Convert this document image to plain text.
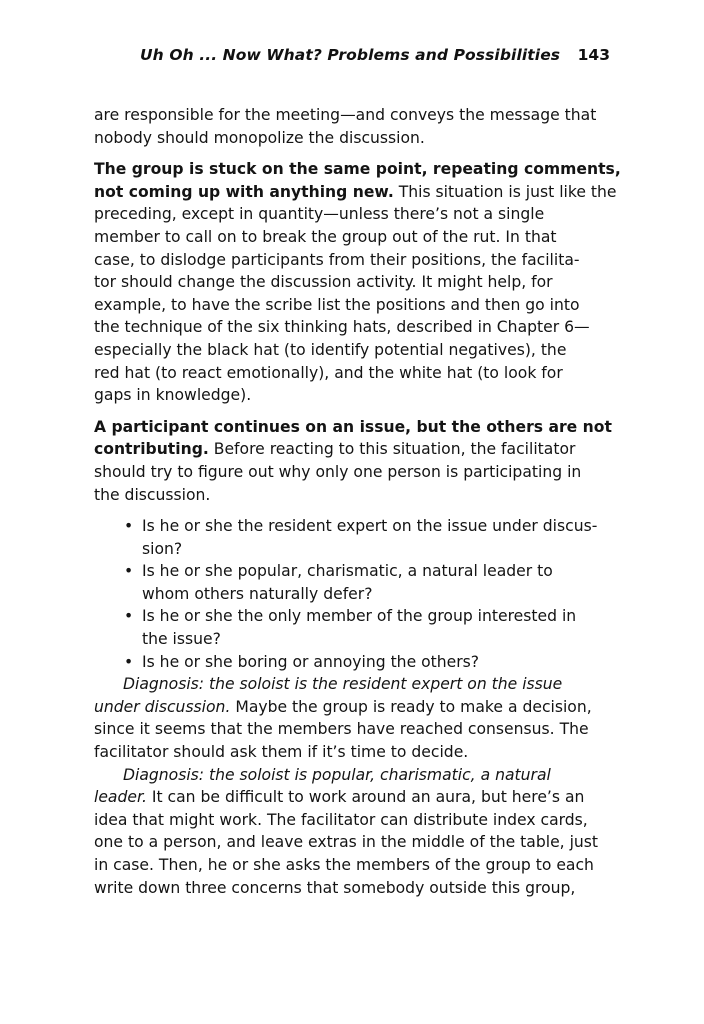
Uh Oh ... Now What? Problems and Possibilities 143

are responsible for the meeting—and conveys the message that
nobody should monopolize the discussion.

The group is stuck on the same point, repeating comments,
not coming up with anything new. This situation is just like the
preceding, except in quantity—unless there’s not a single
member to call on to break the group out of the rut. In that
case, to dislodge participants from their positions, the facilita-
tor should change the discussion activity. It might help, for
example, to have the scribe list the positions and then go into
the technique of the six thinking hats, described in Chapter 6—
especially the black hat (to identify potential negatives), the
red hat (to react emotionally), and the white hat (to look for
gaps in knowledge).

A participant continues on an issue, but the others are not
contributing. Before reacting to this situation, the facilitator
should try to figure out why only one person is participating in
the discussion.

• Is he or she the resident expert on the issue under discus-
sion?
• Is he or she popular, charismatic, a natural leader to
whom others naturally defer?
• Is he or she the only member of the group interested in
the issue?
• Is he or she boring or annoying the others?

Diagnosis: the soloist is the resident expert on the issue
under discussion. Maybe the group is ready to make a decision,
since it seems that the members have reached consensus. The
facilitator should ask them if it’s time to decide.

Diagnosis: the soloist is popular, charismatic, a natural
leader. It can be difficult to work around an aura, but here’s an
idea that might work. The facilitator can distribute index cards,
one to a person, and leave extras in the middle of the table, just
in case. Then, he or she asks the members of the group to each
write down three concerns that somebody outside this group,
